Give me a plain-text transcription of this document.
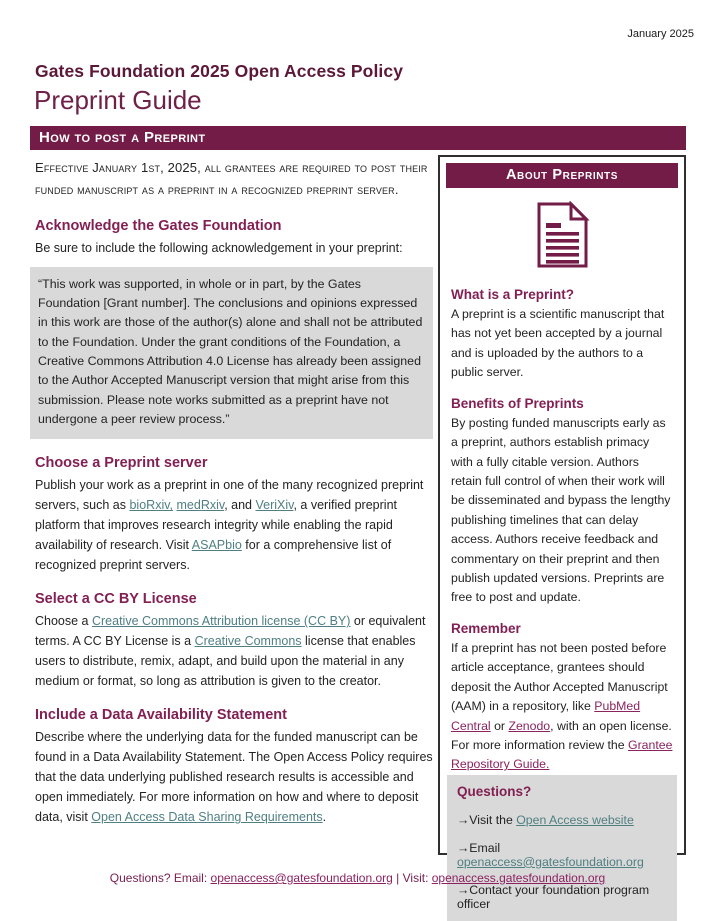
January 2025
Gates Foundation 2025 Open Access Policy
Preprint Guide
How to post a Preprint

Effective January 1st, 2025, all grantees are required to post their funded manuscript as a preprint in a recognized preprint server.

Acknowledge the Gates Foundation

Be sure to include the following acknowledgement in your preprint:

“This work was supported, in whole or in part, by the Gates Foundation [Grant number]. The conclusions and opinions expressed in this work are those of the author(s) alone and shall not be attributed to the Foundation. Under the grant conditions of the Foundation, a Creative Commons Attribution 4.0 License has already been assigned to the Author Accepted Manuscript version that might arise from this submission. Please note works submitted as a preprint have not undergone a peer review process.”
Choose a Preprint server

Publish your work as a preprint in one of the many recognized preprint servers, such as bioRxiv, medRxiv, and VeriXiv, a verified preprint platform that improves research integrity while enabling the rapid availability of research. Visit ASAPbio for a comprehensive list of recognized preprint servers.

Select a CC BY License

Choose a Creative Commons Attribution license (CC BY) or equivalent terms. A CC BY License is a Creative Commons license that enables users to distribute, remix, adapt, and build upon the material in any medium or format, so long as attribution is given to the creator.

Include a Data Availability Statement

Describe where the underlying data for the funded manuscript can be found in a Data Availability Statement. The Open Access Policy requires that the data underlying published research results is accessible and open immediately. For more information on how and where to deposit data, visit Open Access Data Sharing Requirements.

About Preprints
What is a Preprint?

A preprint is a scientific manuscript that has not yet been accepted by a journal and is uploaded by the authors to a public server.

Benefits of Preprints

By posting funded manuscripts early as a preprint, authors establish primacy with a fully citable version. Authors retain full control of when their work will be disseminated and bypass the lengthy publishing timelines that can delay access. Authors receive feedback and commentary on their preprint and then publish updated versions. Preprints are free to post and update.

Remember

If a preprint has not been posted before article acceptance, grantees should deposit the Author Accepted Manuscript (AAM) in a repository, like PubMed Central or Zenodo, with an open license. For more information review the Grantee Repository Guide.

Questions?
→Visit the Open Access website
→Email openaccess@gatesfoundation.org
→Contact your foundation program officer
Questions? Email: openaccess@gatesfoundation.org | Visit: openaccess.gatesfoundation.org
